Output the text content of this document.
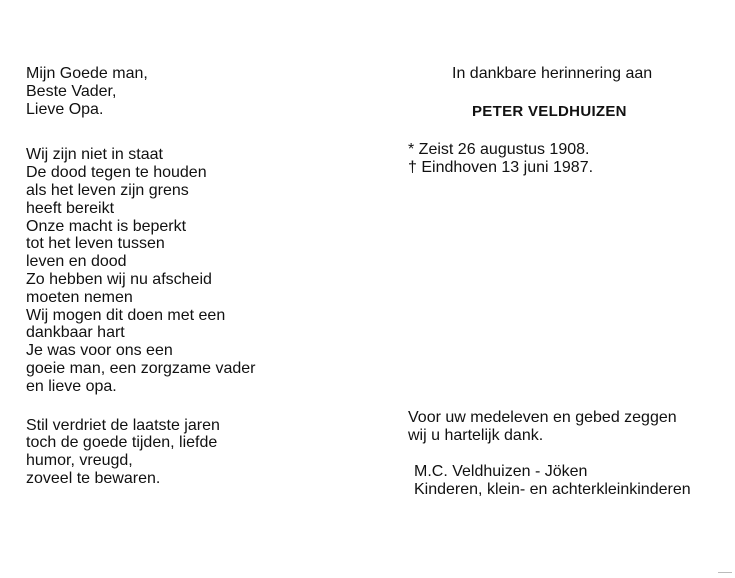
Mijn Goede man,
Beste Vader,
Lieve Opa.
Wij zijn niet in staat
De dood tegen te houden
als het leven zijn grens
heeft bereikt
Onze macht is beperkt
tot het leven tussen
leven en dood
Zo hebben wij nu afscheid
moeten nemen
Wij mogen dit doen met een
dankbaar hart
Je was voor ons een
goeie man, een zorgzame vader
en lieve opa.
Stil verdriet de laatste jaren
toch de goede tijden, liefde
humor, vreugd,
zoveel te bewaren.
In dankbare herinnering aan
PETER VELDHUIZEN
* Zeist 26 augustus 1908.
† Eindhoven 13 juni 1987.
Voor uw medeleven en gebed zeggen
wij u hartelijk dank.
M.C. Veldhuizen - Jöken
Kinderen, klein- en achterkleinkinderen
